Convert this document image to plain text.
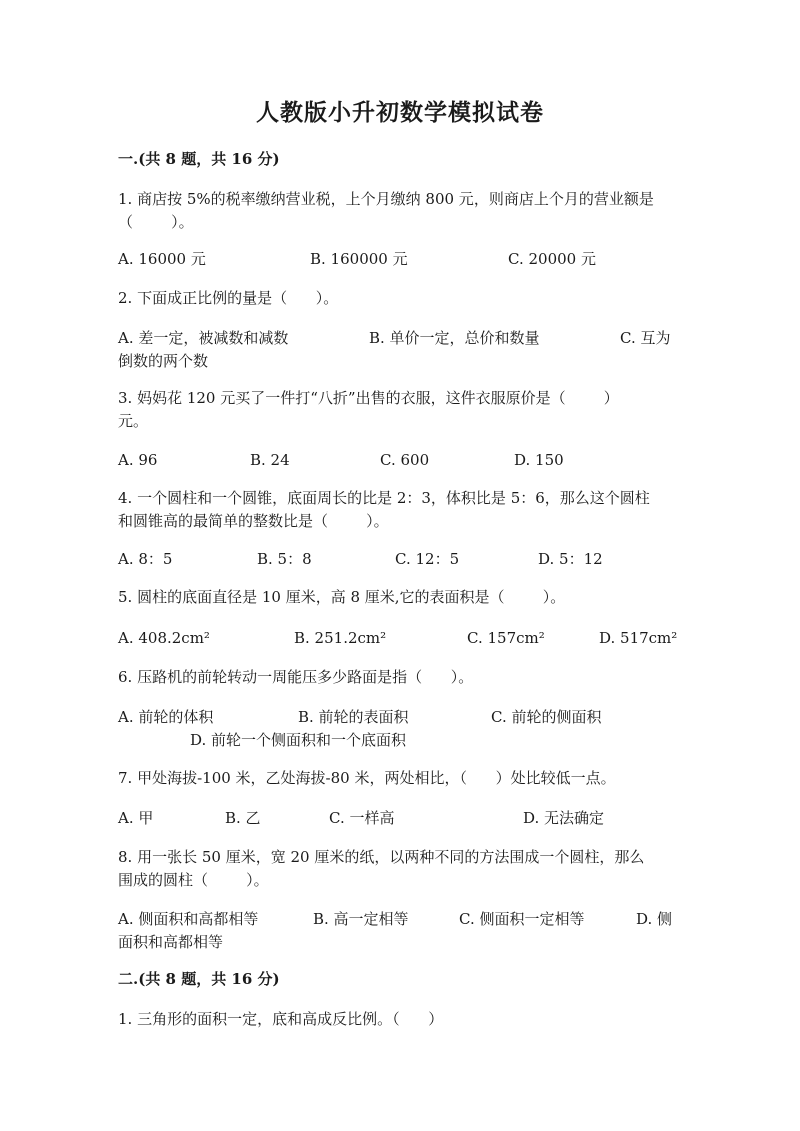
人教版小升初数学模拟试卷
一.(共 8 题，共 16 分)
1. 商店按 5%的税率缴纳营业税，上个月缴纳 800 元，则商店上个月的营业额是
（        ）。
A. 16000 元	B. 160000 元	C. 20000 元
2. 下面成正比例的量是（      ）。
A. 差一定，被减数和减数	B. 单价一定，总价和数量	C. 互为
倒数的两个数
3. 妈妈花 120 元买了一件打“八折”出售的衣服，这件衣服原价是（        ）
元。
A. 96	B. 24	C. 600	D. 150
4. 一个圆柱和一个圆锥，底面周长的比是 2：3，体积比是 5：6，那么这个圆柱
和圆锥高的最简单的整数比是（        ）。
A. 8：5	B. 5：8	C. 12：5	D. 5：12
5. 圆柱的底面直径是 10 厘米，高 8 厘米,它的表面积是（        ）。
A. 408.2cm²	B. 251.2cm²	C. 157cm²	D. 517cm²
6. 压路机的前轮转动一周能压多少路面是指（      ）。
A. 前轮的体积	B. 前轮的表面积	C. 前轮的侧面积
D. 前轮一个侧面积和一个底面积
7. 甲处海拔-100 米，乙处海拔-80 米，两处相比，（      ）处比较低一点。
A. 甲	B. 乙	C. 一样高	D. 无法确定
8. 用一张长 50 厘米，宽 20 厘米的纸，以两种不同的方法围成一个圆柱，那么
围成的圆柱（        ）。
A. 侧面积和高都相等	B. 高一定相等	C. 侧面积一定相等	D. 侧
面积和高都相等
二.(共 8 题，共 16 分)
1. 三角形的面积一定，底和高成反比例。（      ）
